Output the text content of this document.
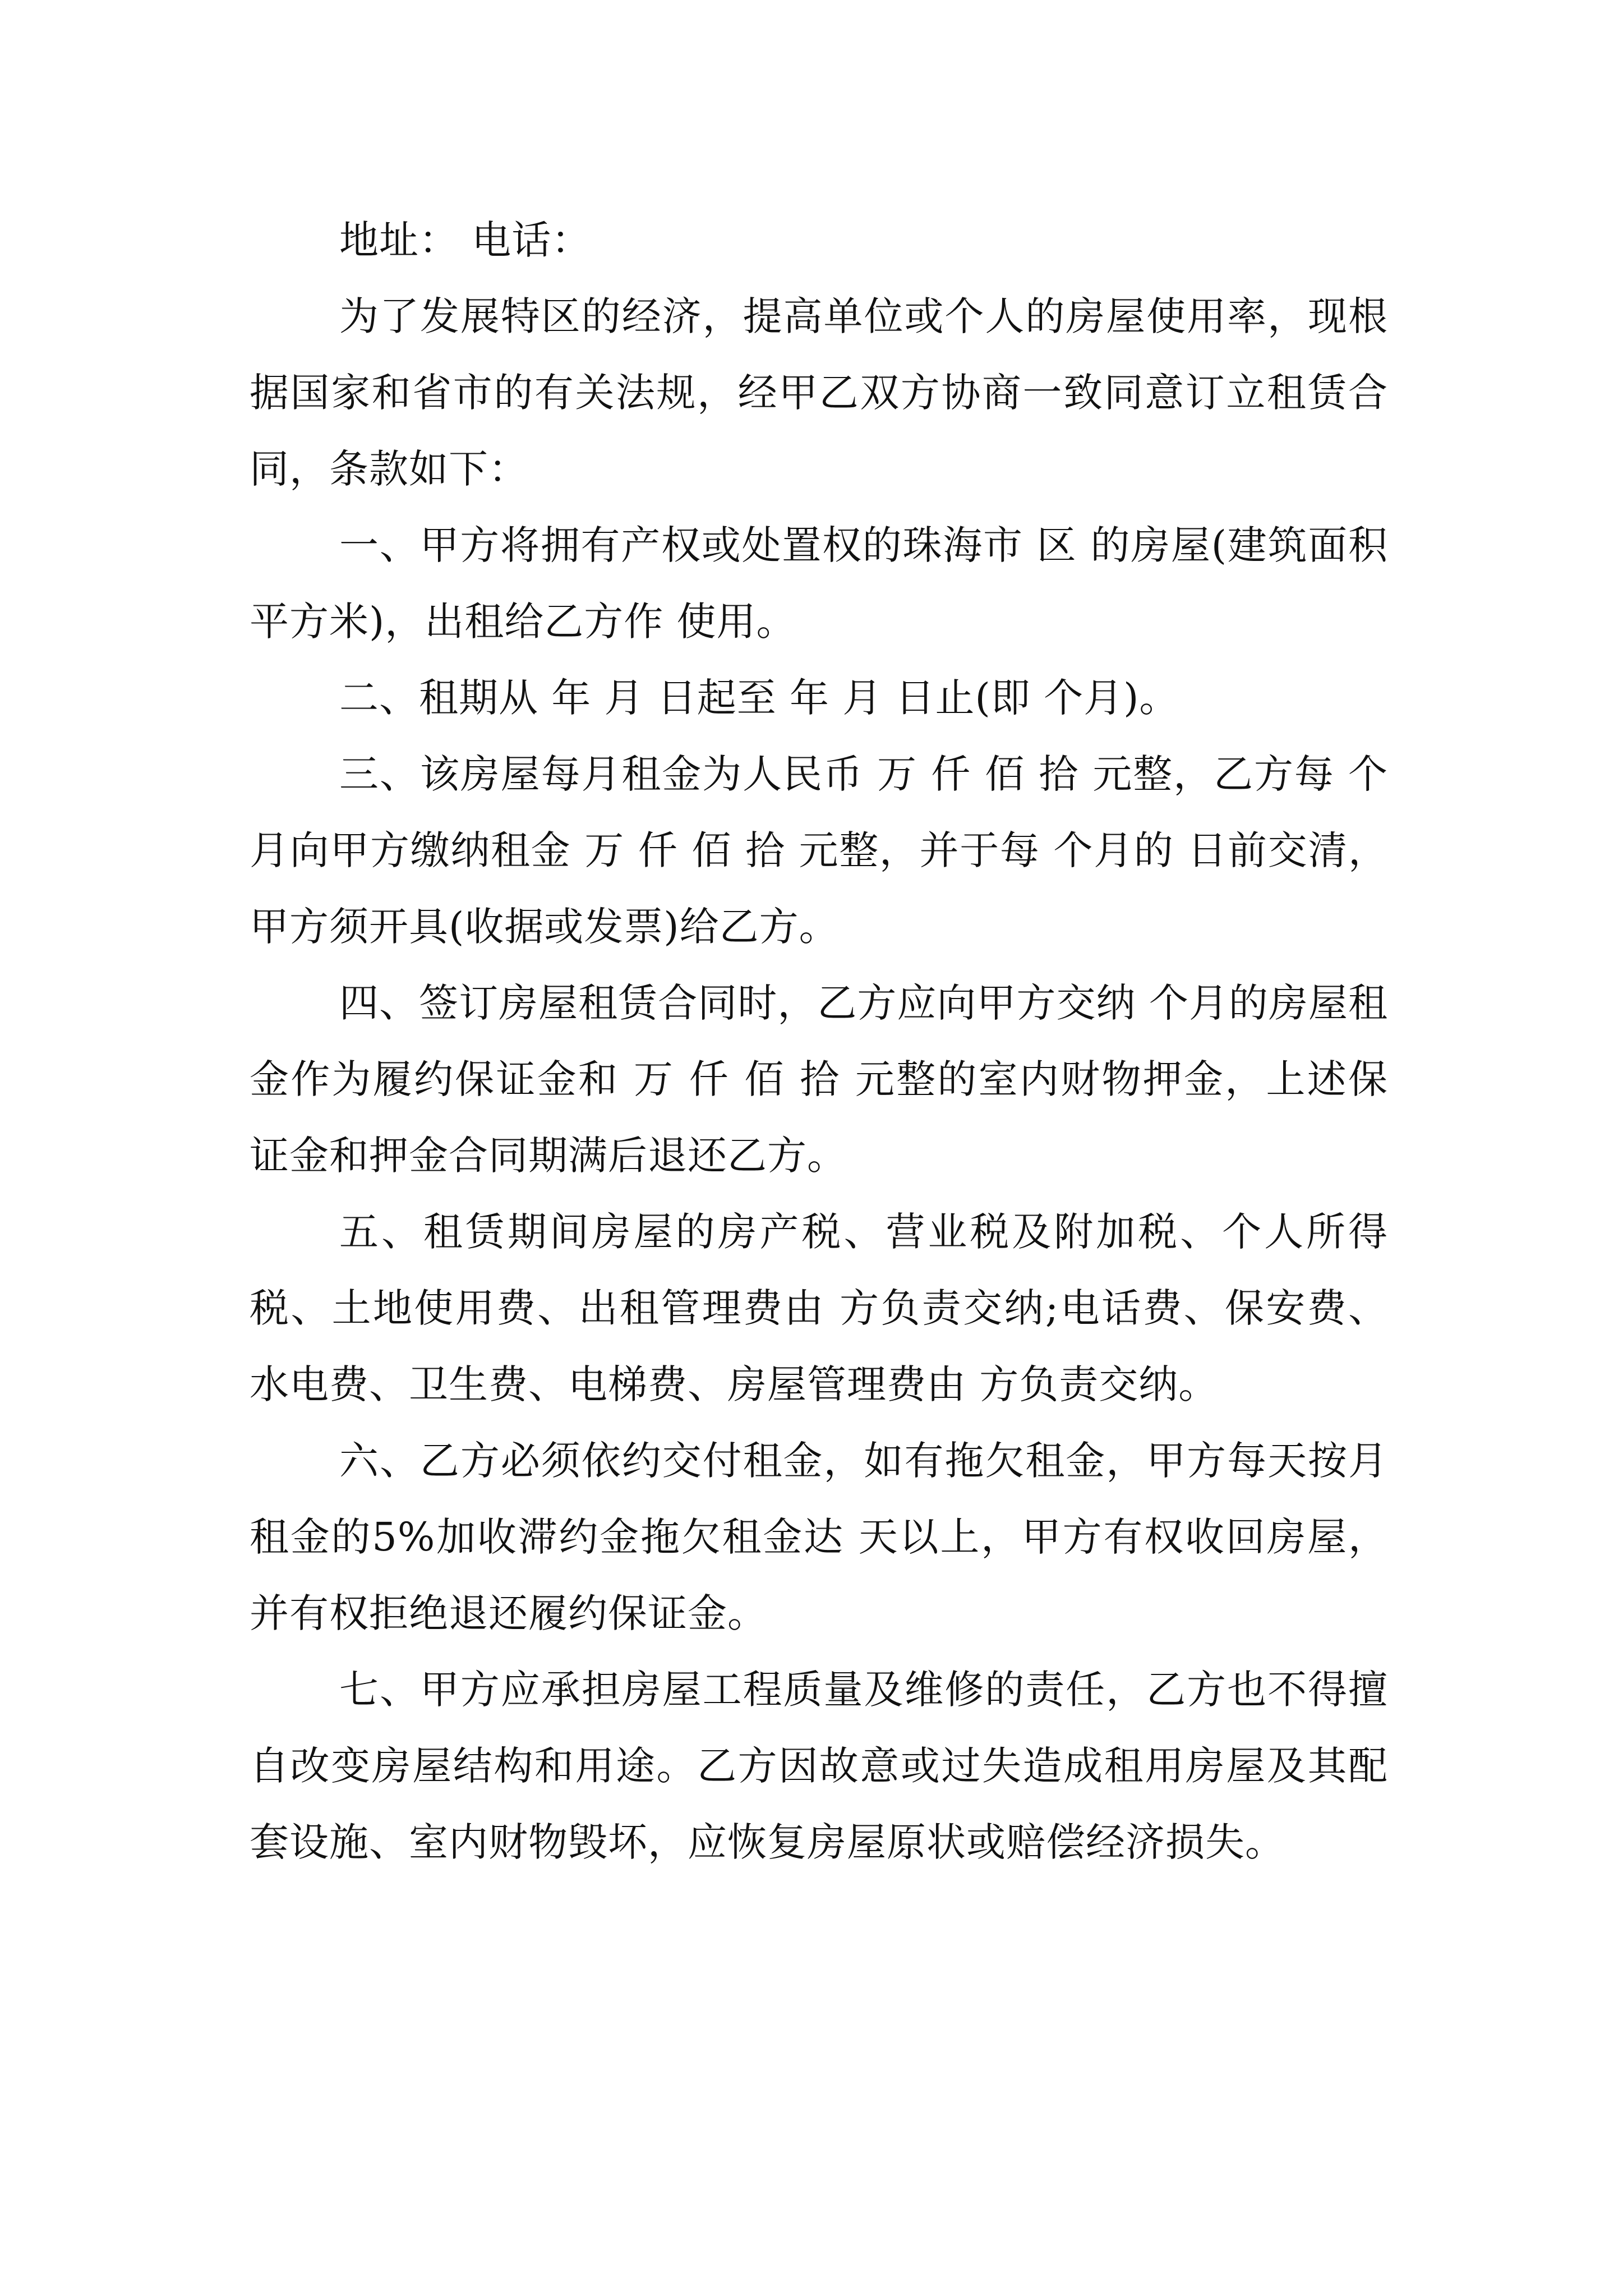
地址： 电话：

为了发展特区的经济，提高单位或个人的房屋使用率，现根据国家和省市的有关法规，经甲乙双方协商一致同意订立租赁合同，条款如下：

一、甲方将拥有产权或处置权的珠海市 区 的房屋(建筑面积 平方米)，出租给乙方作 使用。

二、租期从 年 月 日起至 年 月 日止(即 个月)。

三、该房屋每月租金为人民币 万 仟 佰 拾 元整，乙方每 个月向甲方缴纳租金 万 仟 佰 拾 元整，并于每 个月的 日前交清，甲方须开具(收据或发票)给乙方。

四、签订房屋租赁合同时，乙方应向甲方交纳 个月的房屋租金作为履约保证金和 万 仟 佰 拾 元整的室内财物押金，上述保证金和押金合同期满后退还乙方。

五、租赁期间房屋的房产税、营业税及附加税、个人所得税、土地使用费、出租管理费由 方负责交纳;电话费、保安费、水电费、卫生费、电梯费、房屋管理费由 方负责交纳。

六、乙方必须依约交付租金，如有拖欠租金，甲方每天按月租金的5%加收滞约金拖欠租金达 天以上，甲方有权收回房屋，并有权拒绝退还履约保证金。

七、甲方应承担房屋工程质量及维修的责任，乙方也不得擅自改变房屋结构和用途。乙方因故意或过失造成租用房屋及其配套设施、室内财物毁坏，应恢复房屋原状或赔偿经济损失。
